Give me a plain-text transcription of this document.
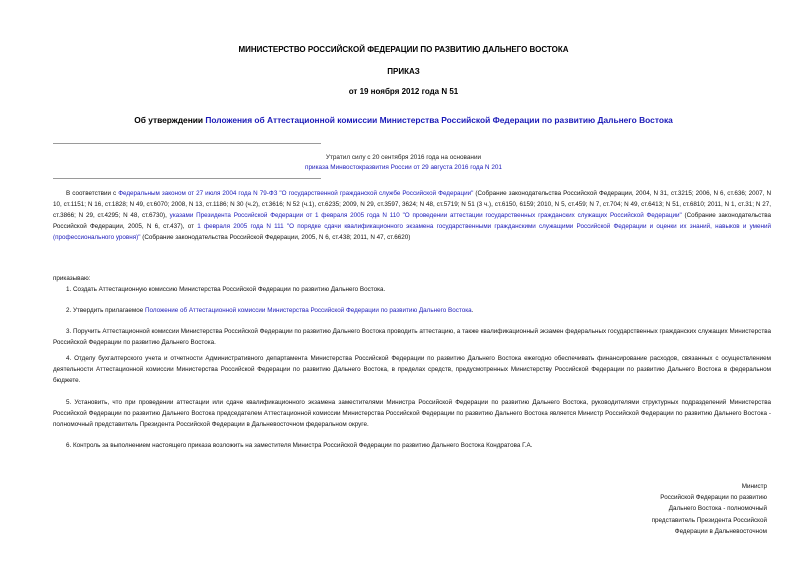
МИНИСТЕРСТВО РОССИЙСКОЙ ФЕДЕРАЦИИ ПО РАЗВИТИЮ ДАЛЬНЕГО ВОСТОКА
ПРИКАЗ
от 19 ноября 2012 года N 51
Об утверждении Положения об Аттестационной комиссии Министерства Российской Федерации по развитию Дальнего Востока
Утратил силу с 20 сентября 2016 года на основании
приказа Минвостокразвития России от 29 августа 2016 года N 201
В соответствии с Федеральным законом от 27 июля 2004 года N 79-ФЗ "О государственной гражданской службе Российской Федерации" (Собрание законодательства Российской Федерации, 2004, N 31, ст.3215; 2006, N 6, ст.636; 2007, N 10, ст.1151; N 16, ст.1828; N 49, ст.6070; 2008, N 13, ст.1186; N 30 (ч.2), ст.3616; N 52 (ч.1), ст.6235; 2009, N 29, ст.3597, 3624; N 48, ст.5719; N 51 (3 ч.), ст.6150, 6159; 2010, N 5, ст.459; N 7, ст.704; N 49, ст.6413; N 51, ст.6810; 2011, N 1, ст.31; N 27, ст.3866; N 29, ст.4295; N 48, ст.6730), указами Президента Российской Федерации от 1 февраля 2005 года N 110 "О проведении аттестации государственных гражданских служащих Российской Федерации" (Собрание законодательства Российской Федерации, 2005, N 6, ст.437), от 1 февраля 2005 года N 111 "О порядке сдачи квалификационного экзамена государственными гражданскими служащими Российской Федерации и оценки их знаний, навыков и умений (профессионального уровня)" (Собрание законодательства Российской Федерации, 2005, N 6, ст.438; 2011, N 47, ст.6620)
приказываю:
1. Создать Аттестационную комиссию Министерства Российской Федерации по развитию Дальнего Востока.
2. Утвердить прилагаемое Положение об Аттестационной комиссии Министерства Российской Федерации по развитию Дальнего Востока.
3. Поручить Аттестационной комиссии Министерства Российской Федерации по развитию Дальнего Востока проводить аттестацию, а также квалификационный экзамен федеральных государственных гражданских служащих Министерства Российской Федерации по развитию Дальнего Востока.
4. Отделу бухгалтерского учета и отчетности Административного департамента Министерства Российской Федерации по развитию Дальнего Востока ежегодно обеспечивать финансирование расходов, связанных с осуществлением деятельности Аттестационной комиссии Министерства Российской Федерации по развитию Дальнего Востока, в пределах средств, предусмотренных Министерству Российской Федерации по развитию Дальнего Востока в федеральном бюджете.
5. Установить, что при проведении аттестации или сдаче квалификационного экзамена заместителями Министра Российской Федерации по развитию Дальнего Востока, руководителями структурных подразделений Министерства Российской Федерации по развитию Дальнего Востока председателем Аттестационной комиссии Министерства Российской Федерации по развитию Дальнего Востока является Министр Российской Федерации по развитию Дальнего Востока - полномочный представитель Президента Российской Федерации в Дальневосточном федеральном округе.
6. Контроль за выполнением настоящего приказа возложить на заместителя Министра Российской Федерации по развитию Дальнего Востока Кондратова Г.А.
Министр
Российской Федерации по развитию
Дальнего Востока - полномочный
представитель Президента Российской
Федерации в Дальневосточном
